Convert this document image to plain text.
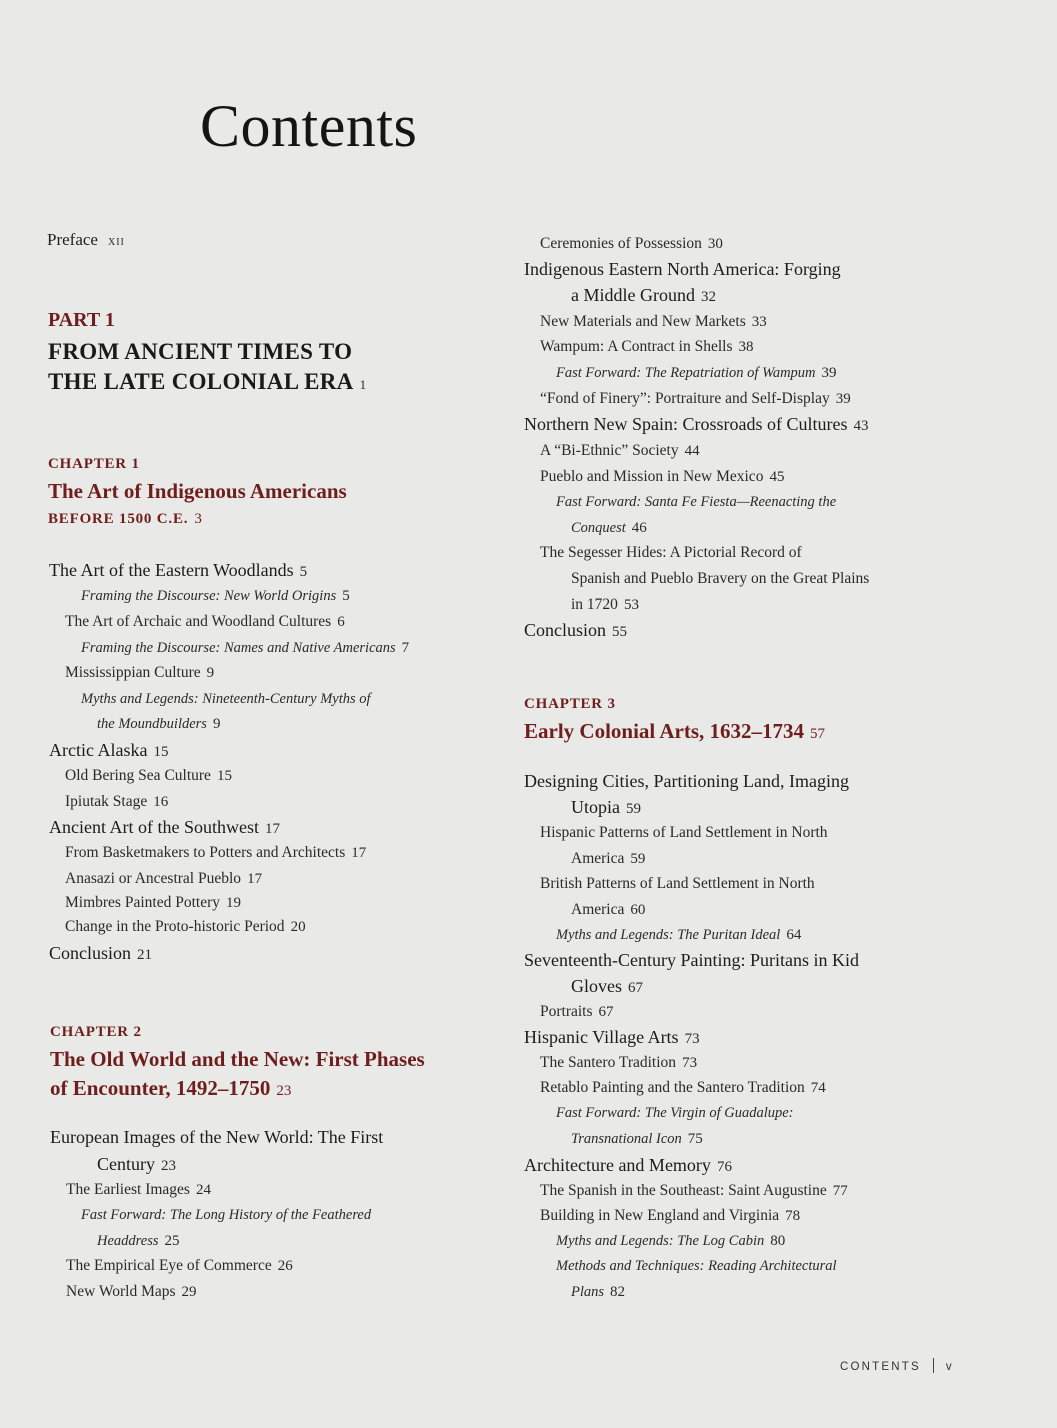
Contents
Preface xii
PART 1
FROM ANCIENT TIMES TO
THE LATE COLONIAL ERA 1
CHAPTER 1
The Art of Indigenous Americans
BEFORE 1500 C.E. 3
The Art of the Eastern Woodlands 5
Framing the Discourse: New World Origins 5
The Art of Archaic and Woodland Cultures 6
Framing the Discourse: Names and Native Americans 7
Mississippian Culture 9
Myths and Legends: Nineteenth-Century Myths of
the Moundbuilders 9
Arctic Alaska 15
Old Bering Sea Culture 15
Ipiutak Stage 16
Ancient Art of the Southwest 17
From Basketmakers to Potters and Architects 17
Anasazi or Ancestral Pueblo 17
Mimbres Painted Pottery 19
Change in the Proto-historic Period 20
Conclusion 21
CHAPTER 2
The Old World and the New: First Phases
of Encounter, 1492–1750 23
European Images of the New World: The First
Century 23
The Earliest Images 24
Fast Forward: The Long History of the Feathered
Headdress 25
The Empirical Eye of Commerce 26
New World Maps 29
Ceremonies of Possession 30
Indigenous Eastern North America: Forging
a Middle Ground 32
New Materials and New Markets 33
Wampum: A Contract in Shells 38
Fast Forward: The Repatriation of Wampum 39
“Fond of Finery”: Portraiture and Self-Display 39
Northern New Spain: Crossroads of Cultures 43
A “Bi-Ethnic” Society 44
Pueblo and Mission in New Mexico 45
Fast Forward: Santa Fe Fiesta—Reenacting the
Conquest 46
The Segesser Hides: A Pictorial Record of
Spanish and Pueblo Bravery on the Great Plains
in 1720 53
Conclusion 55
CHAPTER 3
Early Colonial Arts, 1632–1734 57
Designing Cities, Partitioning Land, Imaging
Utopia 59
Hispanic Patterns of Land Settlement in North
America 59
British Patterns of Land Settlement in North
America 60
Myths and Legends: The Puritan Ideal 64
Seventeenth-Century Painting: Puritans in Kid
Gloves 67
Portraits 67
Hispanic Village Arts 73
The Santero Tradition 73
Retablo Painting and the Santero Tradition 74
Fast Forward: The Virgin of Guadalupe:
Transnational Icon 75
Architecture and Memory 76
The Spanish in the Southeast: Saint Augustine 77
Building in New England and Virginia 78
Myths and Legends: The Log Cabin 80
Methods and Techniques: Reading Architectural
Plans 82
CONTENTS v
